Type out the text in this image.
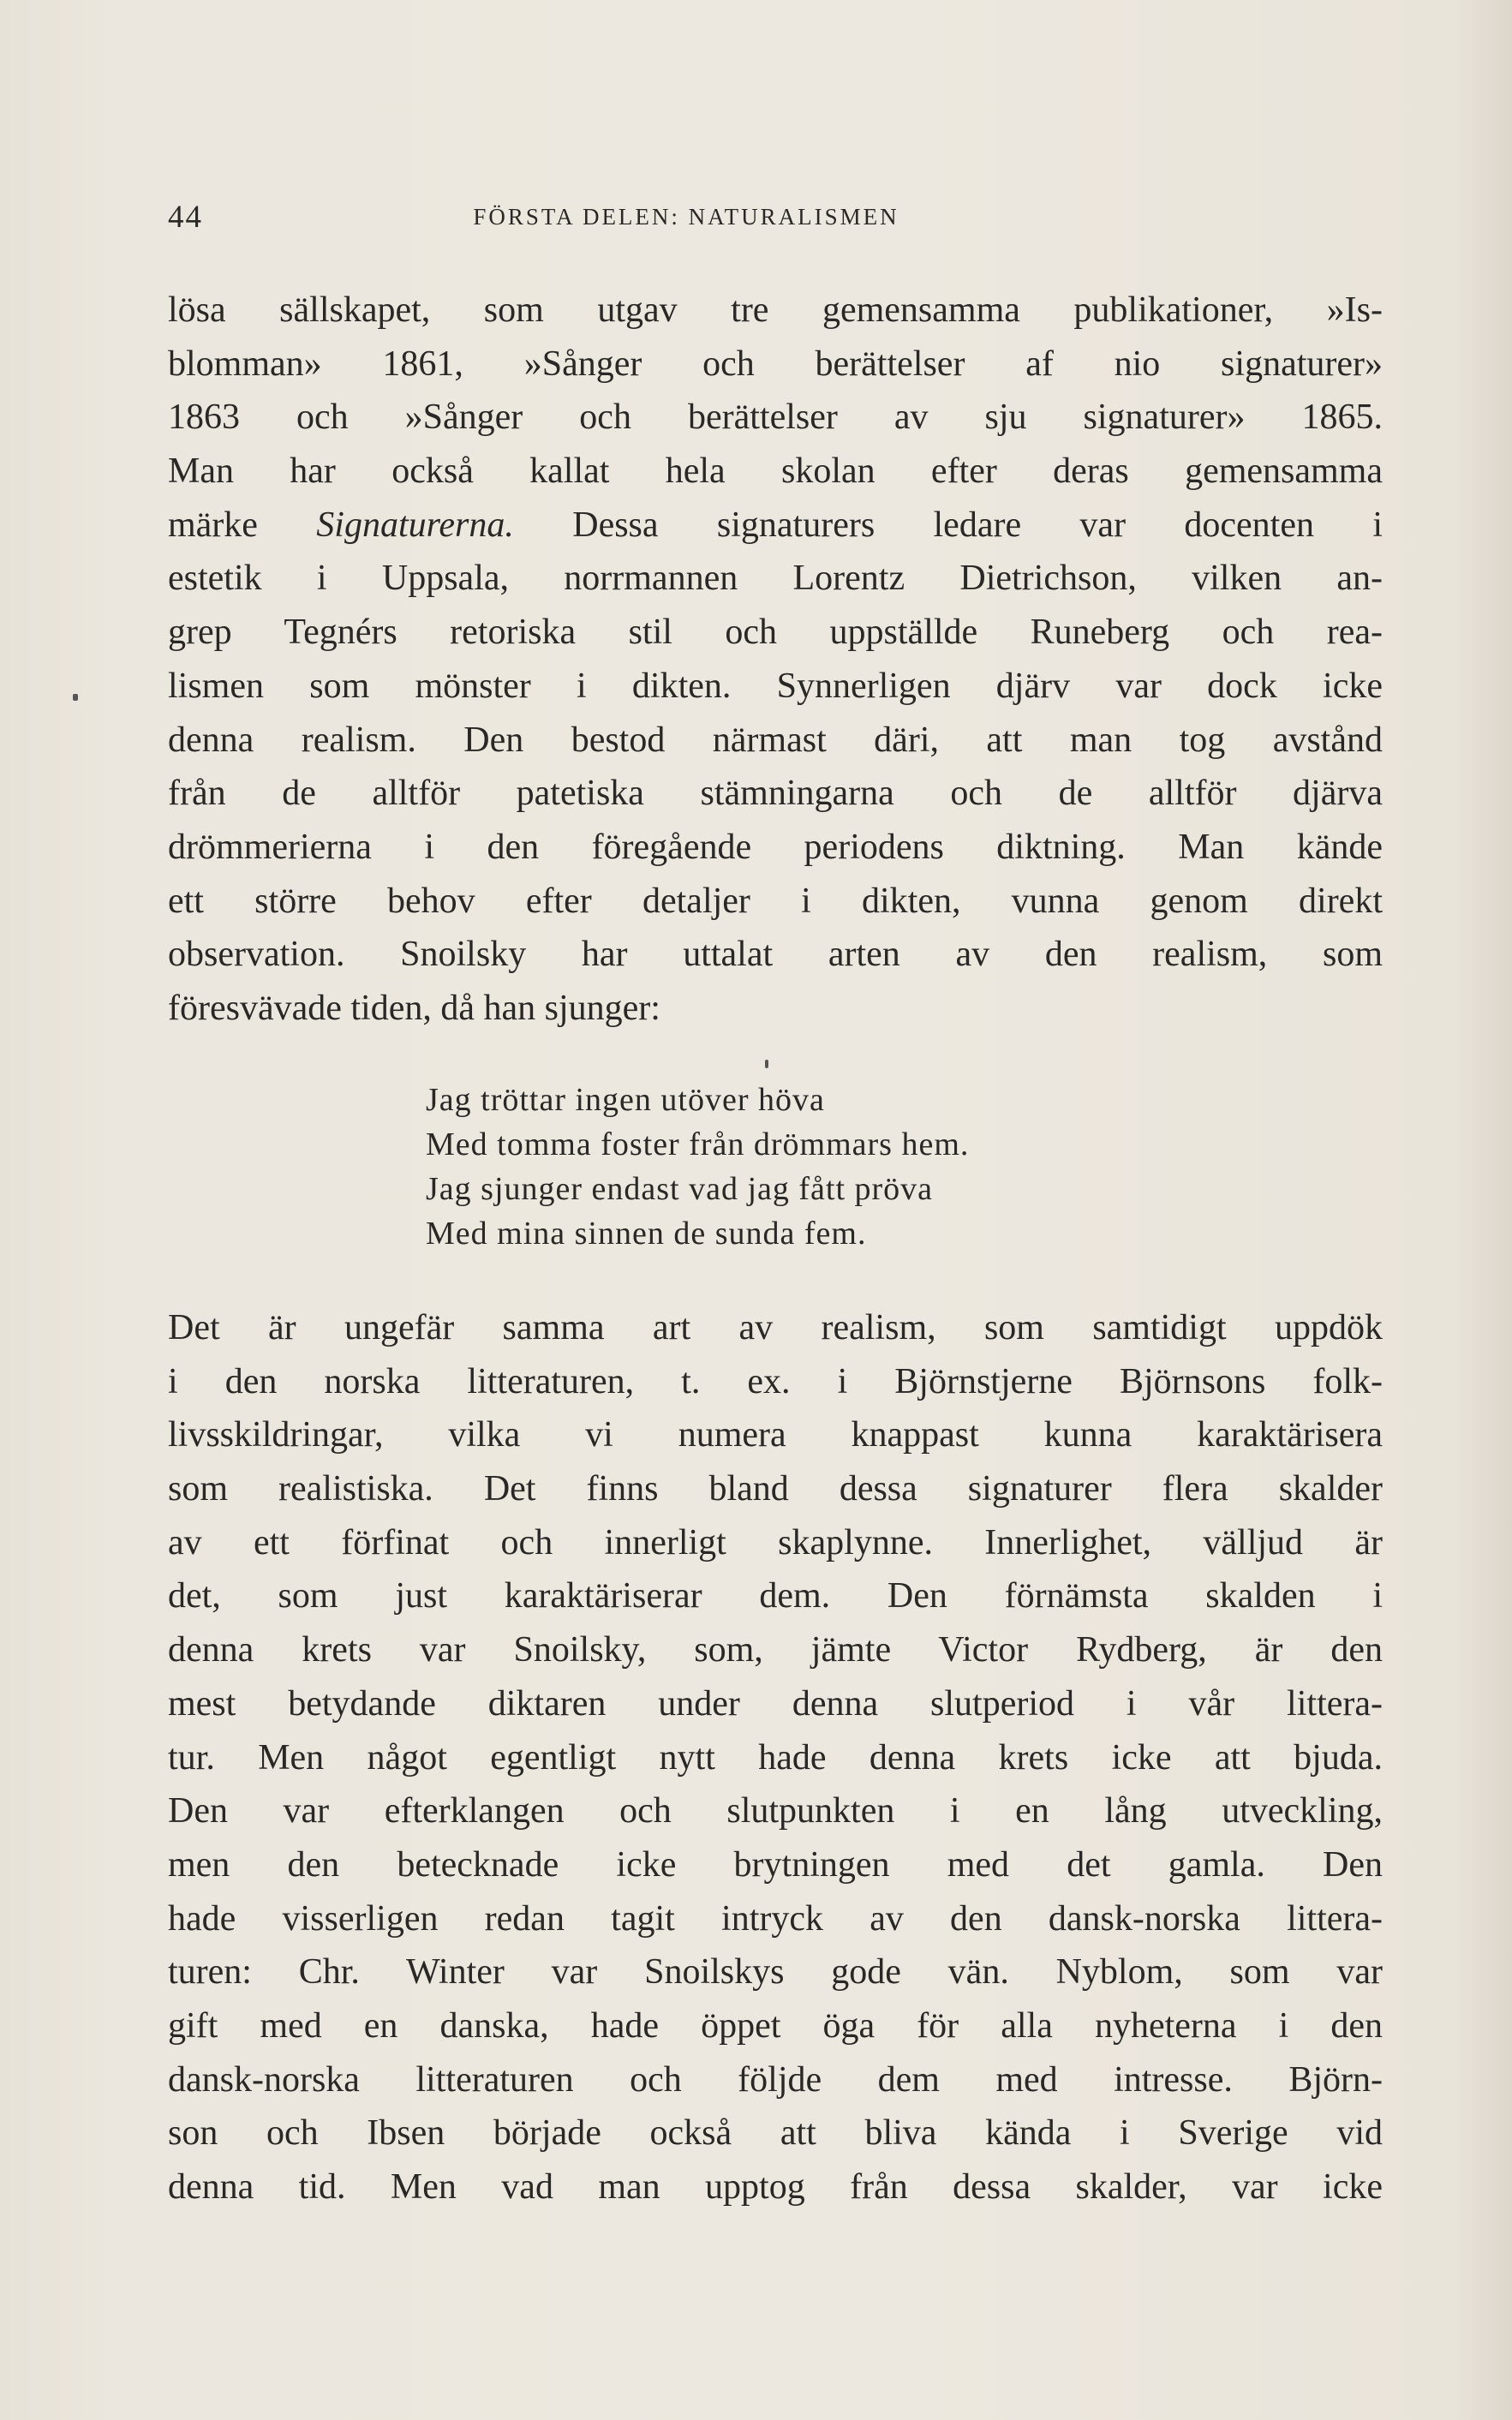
44	FÖRSTA DELEN: NATURALISMEN
lösa sällskapet, som utgav tre gemensamma publikationer, »Is-
blomman» 1861, »Sånger och berättelser af nio signaturer»
1863 och »Sånger och berättelser av sju signaturer» 1865.
Man har också kallat hela skolan efter deras gemensamma
märke Signaturerna. Dessa signaturers ledare var docenten i
estetik i Uppsala, norrmannen Lorentz Dietrichson, vilken an-
grep Tegnérs retoriska stil och uppställde Runeberg och rea-
lismen som mönster i dikten. Synnerligen djärv var dock icke
denna realism. Den bestod närmast däri, att man tog avstånd
från de alltför patetiska stämningarna och de alltför djärva
drömmerierna i den föregående periodens diktning. Man kände
ett större behov efter detaljer i dikten, vunna genom direkt
observation. Snoilsky har uttalat arten av den realism, som
föresvävade tiden, då han sjunger:
Jag tröttar ingen utöver höva
Med tomma foster från drömmars hem.
Jag sjunger endast vad jag fått pröva
Med mina sinnen de sunda fem.
Det är ungefär samma art av realism, som samtidigt uppdök
i den norska litteraturen, t. ex. i Björnstjerne Björnsons folk-
livsskildringar, vilka vi numera knappast kunna karaktärisera
som realistiska. Det finns bland dessa signaturer flera skalder
av ett förfinat och innerligt skaplynne. Innerlighet, välljud är
det, som just karaktäriserar dem. Den förnämsta skalden i
denna krets var Snoilsky, som, jämte Victor Rydberg, är den
mest betydande diktaren under denna slutperiod i vår littera-
tur. Men något egentligt nytt hade denna krets icke att bjuda.
Den var efterklangen och slutpunkten i en lång utveckling,
men den betecknade icke brytningen med det gamla. Den
hade visserligen redan tagit intryck av den dansk-norska littera-
turen: Chr. Winter var Snoilskys gode vän. Nyblom, som var
gift med en danska, hade öppet öga för alla nyheterna i den
dansk-norska litteraturen och följde dem med intresse. Björn-
son och Ibsen började också att bliva kända i Sverige vid
denna tid. Men vad man upptog från dessa skalder, var icke
